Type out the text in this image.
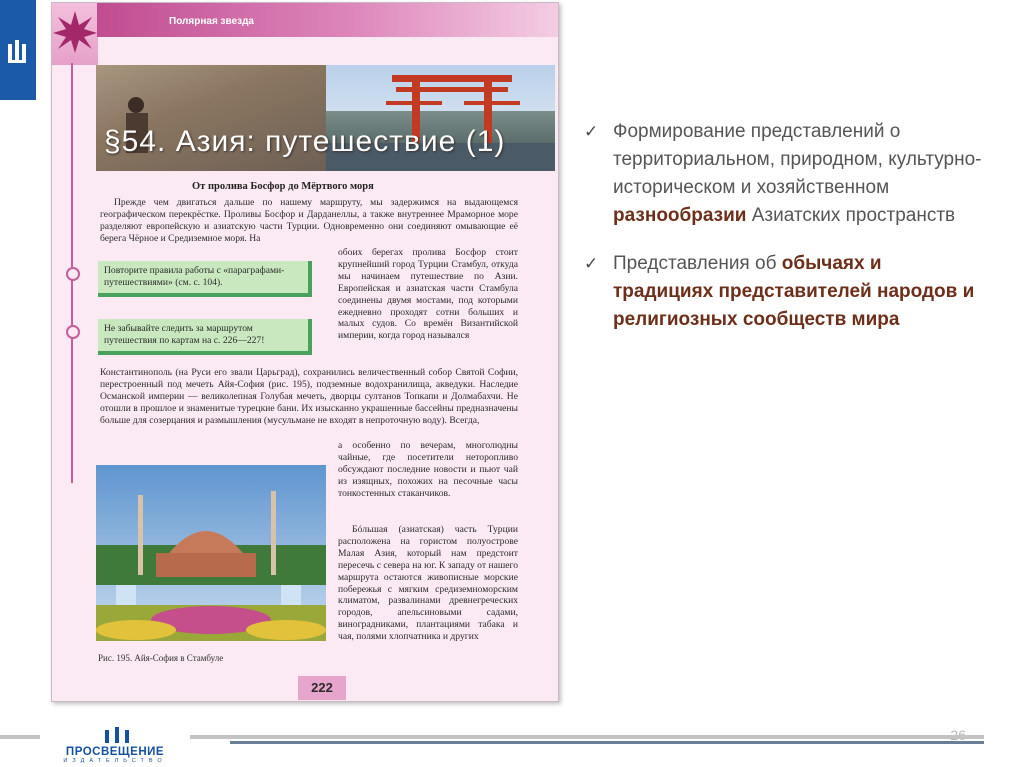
Полярная звезда
§54. Азия: путешествие (1)
От пролива Босфор до Мёртвого моря
Прежде чем двигаться дальше по нашему маршруту, мы задержимся на выдающемся географическом перекрёстке. Проливы Босфор и Дарданеллы, а также внутреннее Мраморное море разделяют европейскую и азиатскую части Турции. Одновременно они соединяют омывающие её берега Чёрное и Средиземное моря. На
Повторите правила работы с «параграфами-путешествиями» (см. с. 104).
Не забывайте следить за маршрутом путешествия по картам на с. 226—227!
обоих берегах пролива Босфор стоит крупнейший город Турции Стамбул, откуда мы начинаем путешествие по Азии. Европейская и азиатская части Стамбула соединены двумя мостами, под которыми ежедневно проходят сотни больших и малых судов. Со времён Византийской империи, когда город назывался
Константинополь (на Руси его звали Царьград), сохранились величественный собор Святой Софии, перестроенный под мечеть Айя-София (рис. 195), подземные водохранилища, акведуки. Наследие Османской империи — великолепная Голубая мечеть, дворцы султанов Топкапи и Долмабахчи. Не отошли в прошлое и знаменитые турецкие бани. Их изысканно украшенные бассейны предназначены больше для созерцания и размышления (мусульмане не входят в непроточную воду). Всегда,
а особенно по вечерам, многолюдны чайные, где посетители неторопливо обсуждают последние новости и пьют чай из изящных, похожих на песочные часы тонкостенных стаканчиков.
Бóльшая (азиатская) часть Турции расположена на гористом полуострове Малая Азия, который нам предстоит пересечь с севера на юг. К западу от нашего маршрута остаются живописные морские побережья с мягким средиземноморским климатом, развалинами древнегреческих городов, апельсиновыми садами, виноградниками, плантациями табака и чая, полями хлопчатника и других
Рис. 195. Айя-София в Стамбуле
222
✓ Формирование представлений о территориальном, природном, культурно-историческом и хозяйственном разнообразии Азиатских пространств
✓ Представления об обычаях и традициях представителей народов и религиозных сообществ мира
ПРОСВЕЩЕНИЕ
ИЗДАТЕЛЬСТВО
